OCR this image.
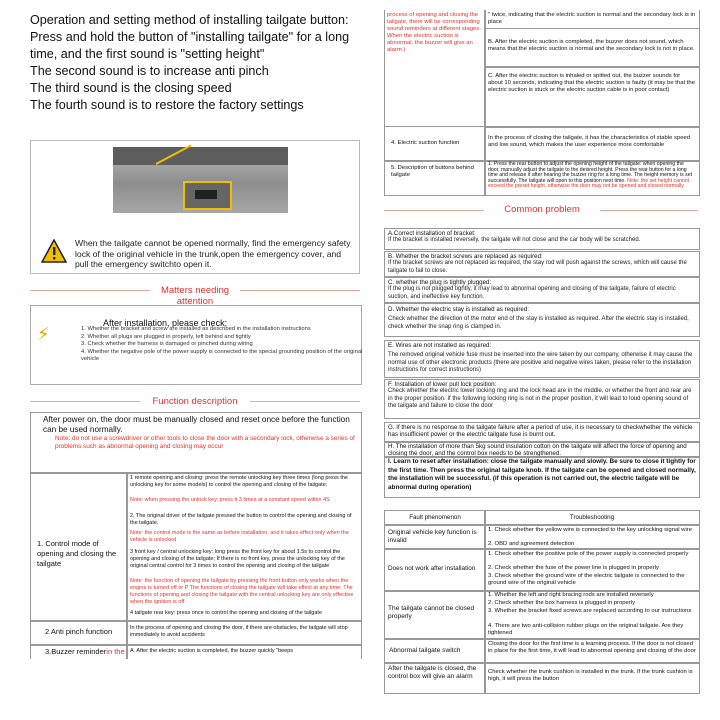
Operation and setting method of installing tailgate button:
Press and hold the button of "installing tailgate" for a long
time, and the first sound is "setting height"
The second sound is to increase anti pinch
The third sound is the closing speed
The fourth sound is to restore the factory settings
When the tailgate cannot be opened normally, find the emergency safety lock of the original vehicle in the trunk,open the emergency cover, and pull the emergency switchto open it.
Matters needing attention
⚡
After installation, please check:
1. Whether the bracket and screw are installed as described in the installation instructions
2. Whether all plugs are plugged in properly, left behind and tightly
3. Check whether the harness is damaged or pinched during wiring
4. Whether the negative pole of the power supply is connected to the special grounding position of the original vehicle
Function description
After power on, the door must be manually closed and reset once before the function can be used normally.
Note: do not use a screwdriver or other tools to close the door with a secondary lock, otherwise a series of problems such as abnormal opening and closing may occur
1. Control mode of opening and closing the tailgate
1 remote opening and closing: press the remote unlocking key three times (long press the unlocking key for some models) to control the opening and closing of the tailgate;
Note: when pressing the unlock key, press it 3 times at a constant speed within 4S
2. The original driver of the tailgate pressed the button to control the opening and closing of the tailgate.
Note: the control mode is the same as before installation, and it takes effect only when the vehicle is unlocked
3 front key / central unlocking key: long press the front key for about 1.5s to control the opening and closing of the tailgate; If there is no front key, press the unlocking key of the original central control for 3 times to control the opening and closing of the tailgate
Note: the function of opening the tailgate by pressing the front button only works when the engine is turned off or P The functions of closing the tailgate will take effect at any time; The functions of opening and closing the tailgate with the central unlocking key are only effective when the ignition is off
4 tailgate rear key: press once to control the opening and closing of the tailgate
2 Anti pinch function	In the process of opening and closing the door, if there are obstacles, the tailgate will stop immediately to avoid accidents
3.Buzzer reminderin the A. After the electric suction is completed, the buzzer quickly "beeps
process of opening and closing the tailgate, there will be corresponding sound reminders at different stages. When the electric suction is abnormal, the buzzer will give an alarm.)
" twice, indicating that the electric suction is normal and the secondary lock is in place
B. After the electric suction is completed, the buzzer does not sound, which means that the electric suction is normal and the secondary lock is not in place.
C. After the electric suction is inhaled or spitted out, the buzzer sounds for about 10 seconds, indicating that the electric suction is faulty (it may be that the electric suction is stuck or the electric suction cable is in poor contact)
4. Electric suction function
In the process of closing the tailgate, it has the characteristics of stable speed and low sound, which makes the user experience more comfortable
5. Description of buttons behind tailgate
1. Press the rear button to adjust the opening height of the tailgate: when opening the door, manually adjust the tailgate to the desired height. Press the rear button for a long time and release it after hearing the buzzer ring for a long time. The height memory is set successfully. The tailgate will open to this position next time. Note: the set height cannot exceed the preset height, otherwise the door may not be opened and closed normally
Common problem
A.Correct installation of bracket:
If the bracket is installed reversely, the tailgate will not close and the car body will be scratched.
B. Whether the bracket screws are replaced as required:
If the bracket screws are not replaced as required, the stay rod will push against the screws, which will cause the tailgate to fail to close.
C. whether the plug is tightly plugged:
If the plug is not plugged tightly, it may lead to abnormal opening and closing of the tailgate, failure of electric suction, and ineffective key function.
D. Whether the electric stay is installed as required:
Check whether the direction of the motor end of the stay is installed as required. After the electric stay is installed, check whether the snap ring is clamped in.
E. Wires are not installed as required:
The removed original vehicle fuse must be inserted into the wire taken by our company, otherwise it may cause the normal use of other electronic products (there are positive and negative wires taken, please refer to the installation instructions for correct instructions)
F. Installation of lower pull lock position:
Check whether the electric lower locking ring and the lock head are in the middle, or whether the front and rear are in the proper position. If the following locking ring is not in the proper position, it will lead to loud opening sound of the tailgate and failure to close the door
G. If there is no response to the tailgate failure after a period of use, it is necessary to checkwhether the vehicle has insufficient power or the electric tailgate fuse is burnt out.
H. The installation of more than 5kg sound insulation cotton on the tailgate will affect the force of opening and closing the door, and the control box needs to be strengthened.
I. Learn to reset after installation: close the tailgate manually and slowly. Be sure to close it tightly for the first time. Then press the original tailgate knob. If the tailgate can be opened and closed normally, the installation will be successful. (if this operation is not carried out, the electric tailgate will be abnormal during operation)
Fault phenomenon	Troubleshooting
Original vehicle key function is invalid
1. Check whether the yellow wire is connected to the key unlocking signal wire
2. OBD and agreement detection
Does not work after installation
1. Check whether the positive pole of the power supply is connected properly
2. Check whether the fuse of the power line is plugged in properly
3. Check whether the ground wire of the electric tailgate is connected to the ground wire of the original vehicle
The tailgate cannot be closed properly
1. Whether the left and right bracing rods are installed reversely
2. Check whether the box harness is plugged in properly
3. Whether the bracket fixed screws are replaced according to our instructions
4. There are two anti-collision rubber plugs on the original tailgate. Are they tightened
Abnormal tailgate switch
Closing the door for the first time is a learning process. If the door is not closed in place for the first time, it will lead to abnormal opening and closing of the door
After the tailgate is closed, the control box will give an alarm
Check whether the trunk cushion is installed in the trunk. If the trunk cushion is high, it will press the button
